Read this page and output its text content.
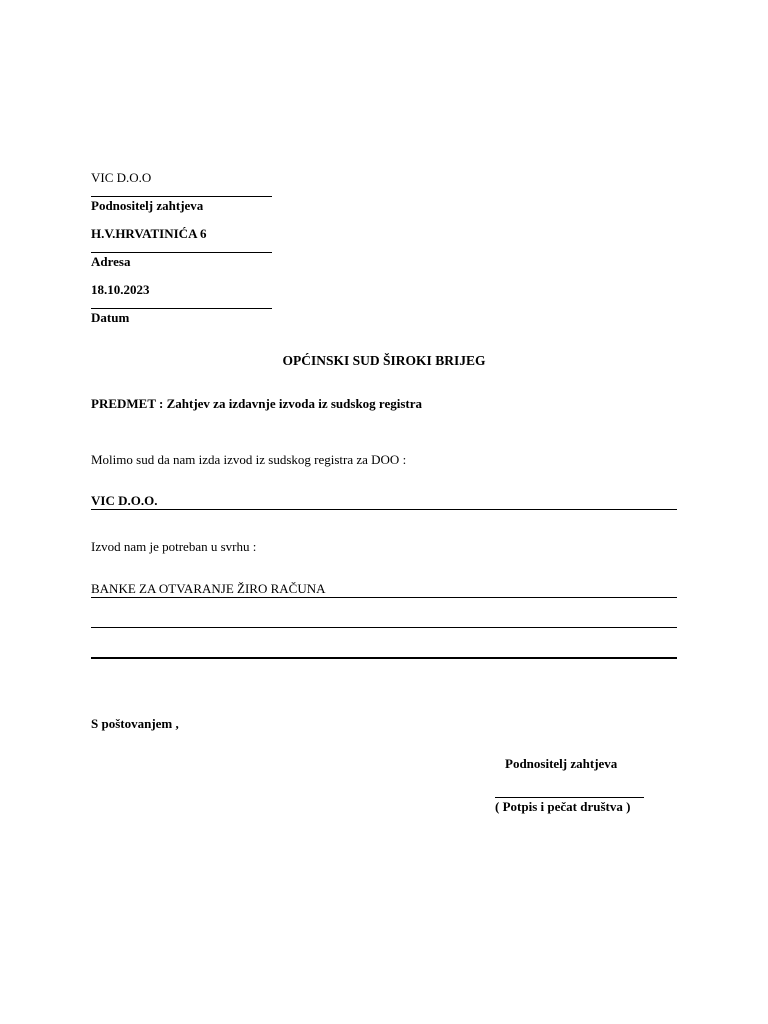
VIC D.O.O
Podnositelj zahtjeva
H.V.HRVATINIĆA 6
Adresa
18.10.2023
Datum
OPĆINSKI SUD ŠIROKI BRIJEG
PREDMET : Zahtjev za izdavnje izvoda iz sudskog registra
Molimo sud da nam izda izvod iz sudskog registra za DOO :
VIC D.O.O.
Izvod nam je potreban u svrhu :
BANKE ZA OTVARANJE ŽIRO RAČUNA
S poštovanjem ,
Podnositelj zahtjeva
( Potpis i pečat društva )
